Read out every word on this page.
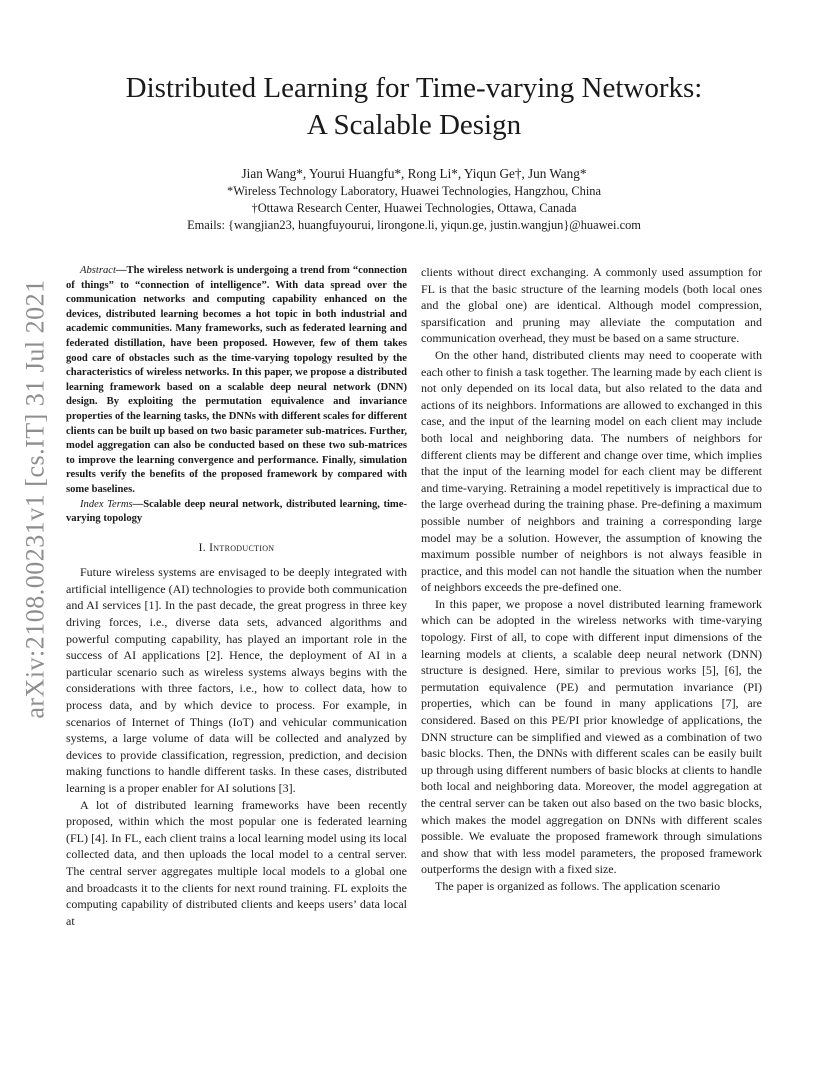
arXiv:2108.00231v1 [cs.IT] 31 Jul 2021
Distributed Learning for Time-varying Networks:
A Scalable Design
Jian Wang*, Yourui Huangfu*, Rong Li*, Yiqun Ge†, Jun Wang*
*Wireless Technology Laboratory, Huawei Technologies, Hangzhou, China
†Ottawa Research Center, Huawei Technologies, Ottawa, Canada
Emails: {wangjian23, huangfuyourui, lirongone.li, yiqun.ge, justin.wangjun}@huawei.com

Abstract—The wireless network is undergoing a trend from “connection of things” to “connection of intelligence”. With data spread over the communication networks and computing capability enhanced on the devices, distributed learning becomes a hot topic in both industrial and academic communities. Many frameworks, such as federated learning and federated distillation, have been proposed. However, few of them takes good care of obstacles such as the time-varying topology resulted by the characteristics of wireless networks. In this paper, we propose a distributed learning framework based on a scalable deep neural network (DNN) design. By exploiting the permutation equivalence and invariance properties of the learning tasks, the DNNs with different scales for different clients can be built up based on two basic parameter sub-matrices. Further, model aggregation can also be conducted based on these two sub-matrices to improve the learning convergence and performance. Finally, simulation results verify the benefits of the proposed framework by compared with some baselines.

Index Terms—Scalable deep neural network, distributed learning, time-varying topology

I. Introduction

Future wireless systems are envisaged to be deeply integrated with artificial intelligence (AI) technologies to provide both communication and AI services [1]. In the past decade, the great progress in three key driving forces, i.e., diverse data sets, advanced algorithms and powerful computing capability, has played an important role in the success of AI applications [2]. Hence, the deployment of AI in a particular scenario such as wireless systems always begins with the considerations with three factors, i.e., how to collect data, how to process data, and by which device to process. For example, in scenarios of Internet of Things (IoT) and vehicular communication systems, a large volume of data will be collected and analyzed by devices to provide classification, regression, prediction, and decision making functions to handle different tasks. In these cases, distributed learning is a proper enabler for AI solutions [3].

A lot of distributed learning frameworks have been recently proposed, within which the most popular one is federated learning (FL) [4]. In FL, each client trains a local learning model using its local collected data, and then uploads the local model to a central server. The central server aggregates multiple local models to a global one and broadcasts it to the clients for next round training. FL exploits the computing capability of distributed clients and keeps users’ data local at

clients without direct exchanging. A commonly used assumption for FL is that the basic structure of the learning models (both local ones and the global one) are identical. Although model compression, sparsification and pruning may alleviate the computation and communication overhead, they must be based on a same structure.

On the other hand, distributed clients may need to cooperate with each other to finish a task together. The learning made by each client is not only depended on its local data, but also related to the data and actions of its neighbors. Informations are allowed to exchanged in this case, and the input of the learning model on each client may include both local and neighboring data. The numbers of neighbors for different clients may be different and change over time, which implies that the input of the learning model for each client may be different and time-varying. Retraining a model repetitively is impractical due to the large overhead during the training phase. Pre-defining a maximum possible number of neighbors and training a corresponding large model may be a solution. However, the assumption of knowing the maximum possible number of neighbors is not always feasible in practice, and this model can not handle the situation when the number of neighbors exceeds the pre-defined one.

In this paper, we propose a novel distributed learning framework which can be adopted in the wireless networks with time-varying topology. First of all, to cope with different input dimensions of the learning models at clients, a scalable deep neural network (DNN) structure is designed. Here, similar to previous works [5], [6], the permutation equivalence (PE) and permutation invariance (PI) properties, which can be found in many applications [7], are considered. Based on this PE/PI prior knowledge of applications, the DNN structure can be simplified and viewed as a combination of two basic blocks. Then, the DNNs with different scales can be easily built up through using different numbers of basic blocks at clients to handle both local and neighboring data. Moreover, the model aggregation at the central server can be taken out also based on the two basic blocks, which makes the model aggregation on DNNs with different scales possible. We evaluate the proposed framework through simulations and show that with less model parameters, the proposed framework outperforms the design with a fixed size.

The paper is organized as follows. The application scenario
